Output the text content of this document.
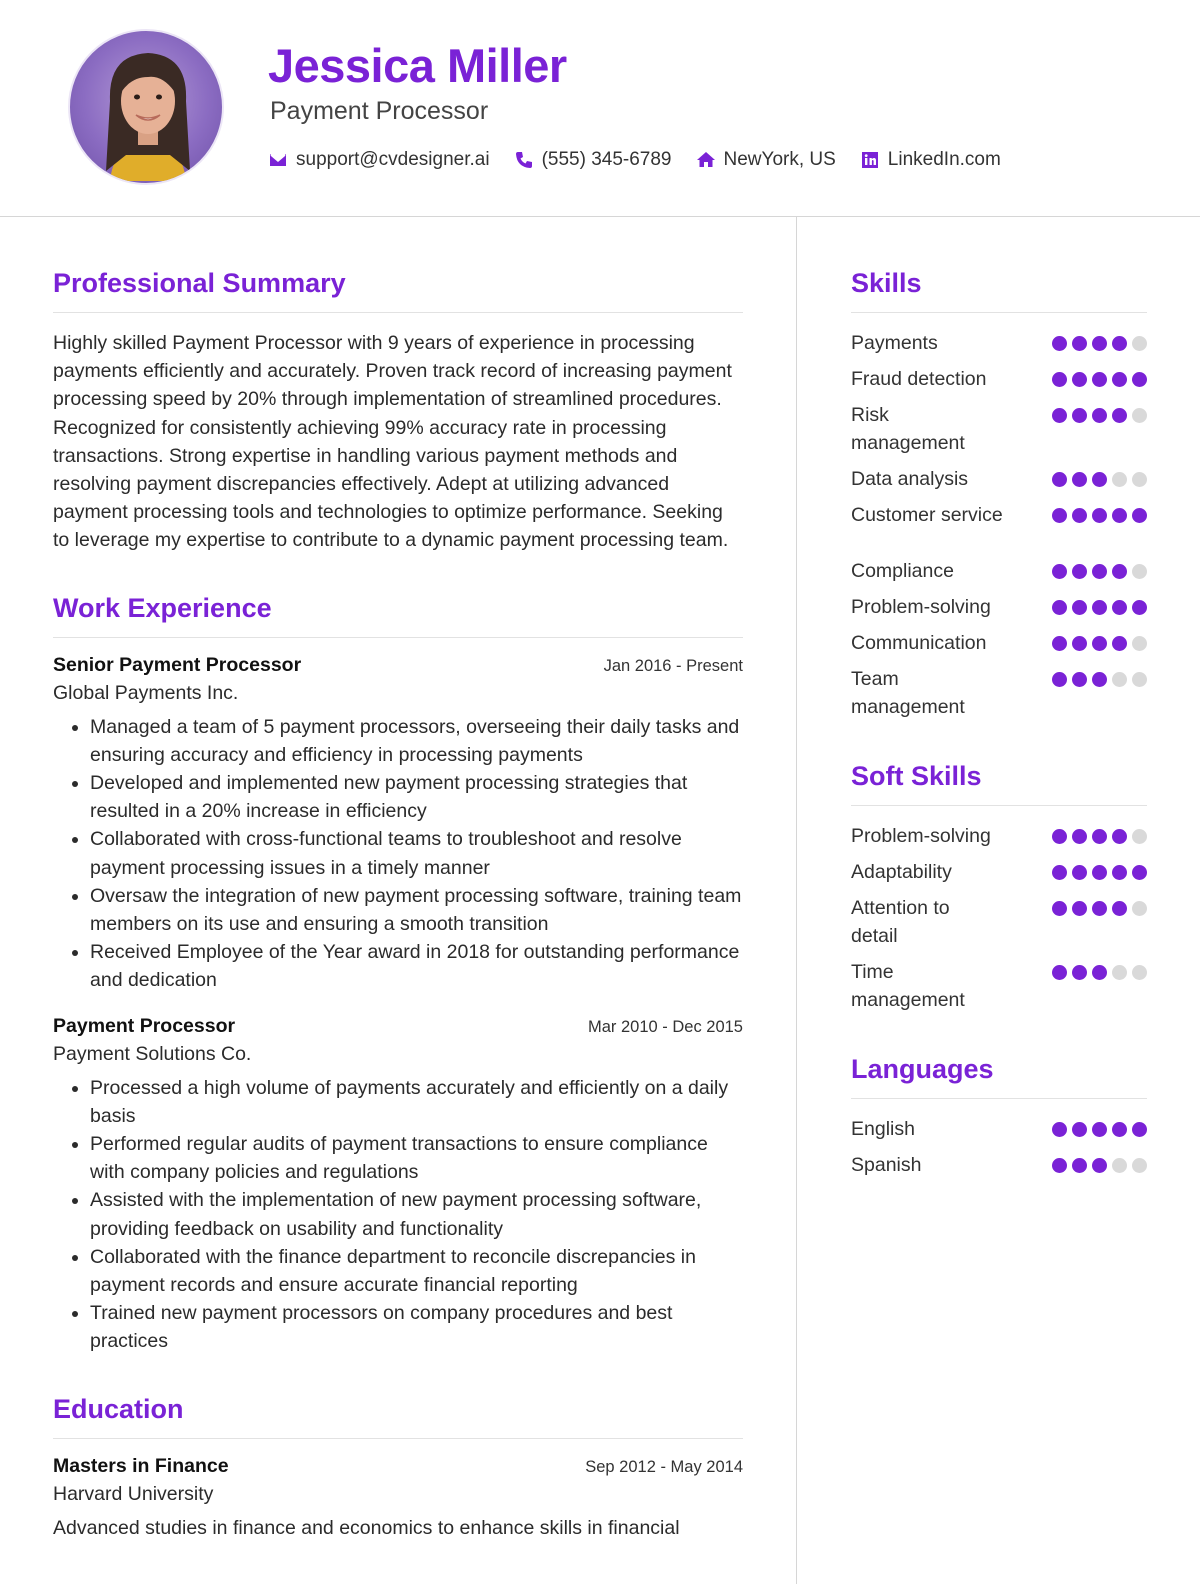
Jessica Miller
Payment Processor
support@cvdesigner.ai	(555) 345-6789	NewYork, US	LinkedIn.com
Professional Summary

Highly skilled Payment Processor with 9 years of experience in processing payments efficiently and accurately. Proven track record of increasing payment processing speed by 20% through implementation of streamlined procedures. Recognized for consistently achieving 99% accuracy rate in processing transactions. Strong expertise in handling various payment methods and resolving payment discrepancies effectively. Adept at utilizing advanced payment processing tools and technologies to optimize performance. Seeking to leverage my expertise to contribute to a dynamic payment processing team.

Work Experience
Senior Payment Processor	Jan 2016 - Present
Global Payments Inc.
• Managed a team of 5 payment processors, overseeing their daily tasks and ensuring accuracy and efficiency in processing payments
• Developed and implemented new payment processing strategies that resulted in a 20% increase in efficiency
• Collaborated with cross-functional teams to troubleshoot and resolve payment processing issues in a timely manner
• Oversaw the integration of new payment processing software, training team members on its use and ensuring a smooth transition
• Received Employee of the Year award in 2018 for outstanding performance and dedication
Payment Processor	Mar 2010 - Dec 2015
Payment Solutions Co.
• Processed a high volume of payments accurately and efficiently on a daily basis
• Performed regular audits of payment transactions to ensure compliance with company policies and regulations
• Assisted with the implementation of new payment processing software, providing feedback on usability and functionality
• Collaborated with the finance department to reconcile discrepancies in payment records and ensure accurate financial reporting
• Trained new payment processors on company procedures and best practices
Education
Masters in Finance	Sep 2012 - May 2014
Harvard University
Advanced studies in finance and economics to enhance skills in financial
Skills
Payments
Fraud detection
Risk management
Data analysis
Customer service
Compliance
Problem-solving
Communication
Team management
Soft Skills
Problem-solving
Adaptability
Attention to detail
Time management
Languages
English
Spanish
